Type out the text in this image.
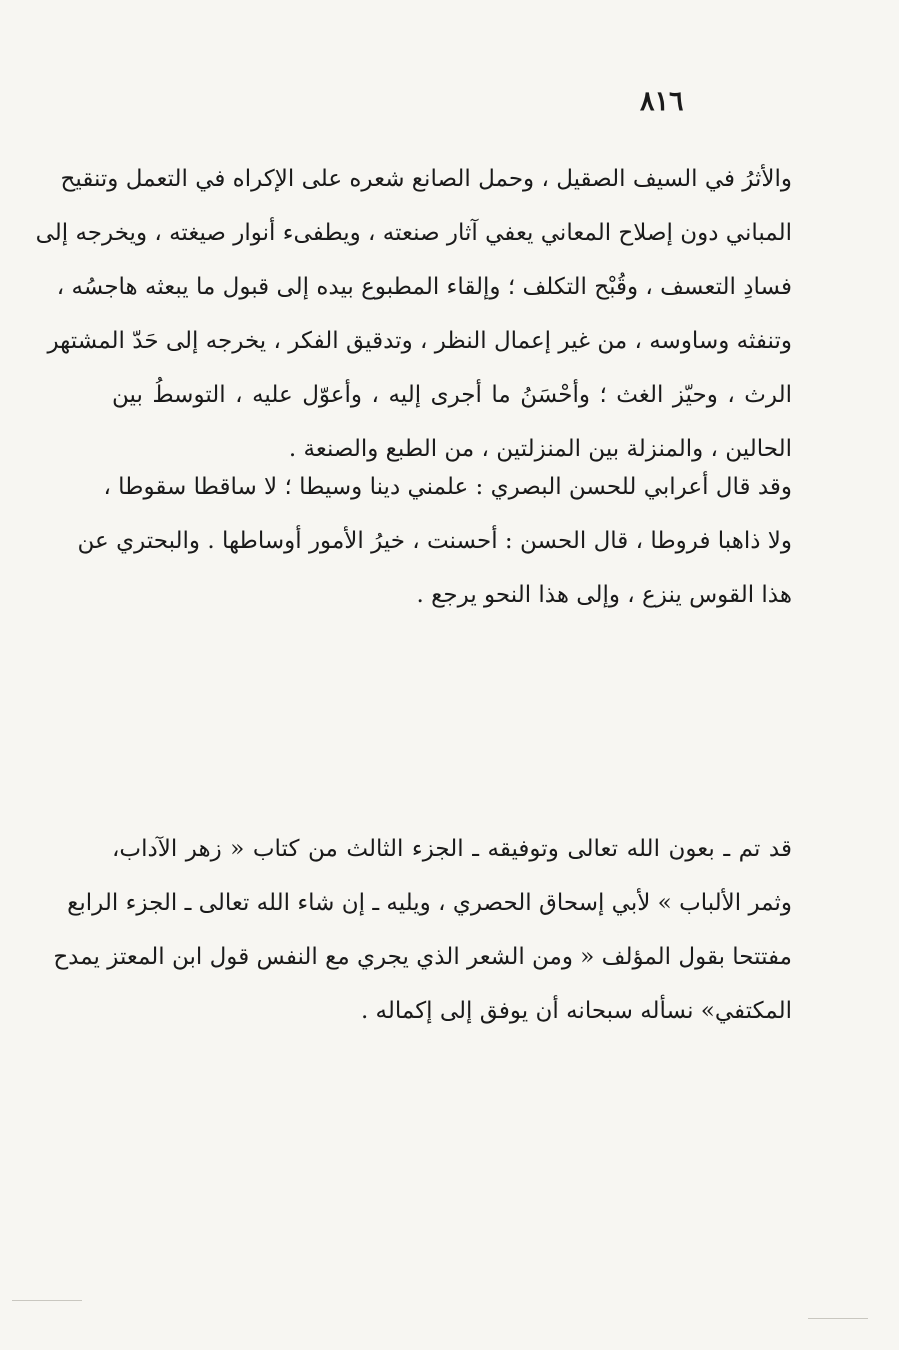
٨١٦
والأثرُ في السيف الصقيل ، وحمل الصانع شعره على الإكراه في التعمل وتنقيح
المباني دون إصلاح المعاني يعفي آثار صنعته ، ويطفىء أنوار صيغته ، ويخرجه إلى
فسادِ التعسف ، وقُبْح التكلف ؛ وإلقاء المطبوع بيده إلى قبول ما يبعثه هاجسُه ،
وتنفثه وساوسه ، من غير إعمال النظر ، وتدقيق الفكر ، يخرجه إلى حَدّ المشتهر
الرث ، وحيّز الغث ؛ وأحْسَنُ ما أجرى إليه ، وأعوّل عليه ، التوسطُ بين
الحالين ، والمنزلة بين المنزلتين ، من الطبع والصنعة .
وقد قال أعرابي للحسن البصري : علمني دينا وسيطا ؛ لا ساقطا سقوطا ،
ولا ذاهبا فروطا ، قال الحسن : أحسنت ، خيرُ الأمور أوساطها . والبحتري عن
هذا القوس ينزع ، وإلى هذا النحو يرجع .
قد تم ـ بعون الله تعالى وتوفيقه ـ الجزء الثالث من كتاب « زهر الآداب،
وثمر الألباب » لأبي إسحاق الحصري ، ويليه ـ إن شاء الله تعالى ـ الجزء الرابع
مفتتحا بقول المؤلف « ومن الشعر الذي يجري مع النفس قول ابن المعتز يمدح
المكتفي» نسأله سبحانه أن يوفق إلى إكماله .
